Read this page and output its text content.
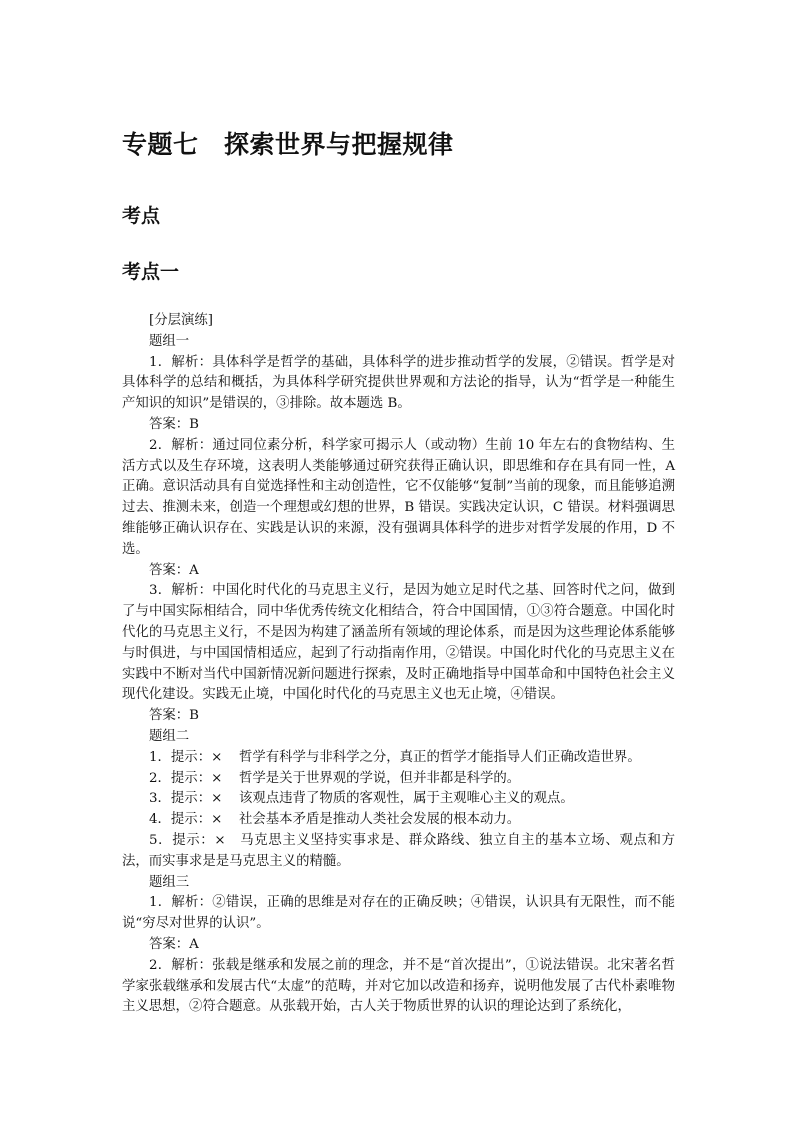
专题七　探索世界与把握规律
考点
考点一

[分层演练]

题组一

1．解析：具体科学是哲学的基础，具体科学的进步推动哲学的发展，②错误。哲学是对具体科学的总结和概括，为具体科学研究提供世界观和方法论的指导，认为“哲学是一种能生产知识的知识”是错误的，③排除。故本题选 B。

答案：B

2．解析：通过同位素分析，科学家可揭示人（或动物）生前 10 年左右的食物结构、生活方式以及生存环境，这表明人类能够通过研究获得正确认识，即思维和存在具有同一性，A 正确。意识活动具有自觉选择性和主动创造性，它不仅能够“复制”当前的现象，而且能够追溯过去、推测未来，创造一个理想或幻想的世界，B 错误。实践决定认识，C 错误。材料强调思维能够正确认识存在、实践是认识的来源，没有强调具体科学的进步对哲学发展的作用，D 不选。

答案：A

3．解析：中国化时代化的马克思主义行，是因为她立足时代之基、回答时代之问，做到了与中国实际相结合，同中华优秀传统文化相结合，符合中国国情，①③符合题意。中国化时代化的马克思主义行，不是因为构建了涵盖所有领域的理论体系，而是因为这些理论体系能够与时俱进，与中国国情相适应，起到了行动指南作用，②错误。中国化时代化的马克思主义在实践中不断对当代中国新情况新问题进行探索，及时正确地指导中国革命和中国特色社会主义现代化建设。实践无止境，中国化时代化的马克思主义也无止境，④错误。

答案：B

题组二

1．提示：× 哲学有科学与非科学之分，真正的哲学才能指导人们正确改造世界。

2．提示：× 哲学是关于世界观的学说，但并非都是科学的。

3．提示：× 该观点违背了物质的客观性，属于主观唯心主义的观点。

4．提示：× 社会基本矛盾是推动人类社会发展的根本动力。

5．提示：×　马克思主义坚持实事求是、群众路线、独立自主的基本立场、观点和方法，而实事求是是马克思主义的精髓。

题组三

1．解析：②错误，正确的思维是对存在的正确反映；④错误，认识具有无限性，而不能说“穷尽对世界的认识”。

答案：A

2．解析：张载是继承和发展之前的理念，并不是“首次提出”，①说法错误。北宋著名哲学家张载继承和发展古代“太虚”的范畴，并对它加以改造和扬弃，说明他发展了古代朴素唯物主义思想，②符合题意。从张载开始，古人关于物质世界的认识的理论达到了系统化，
